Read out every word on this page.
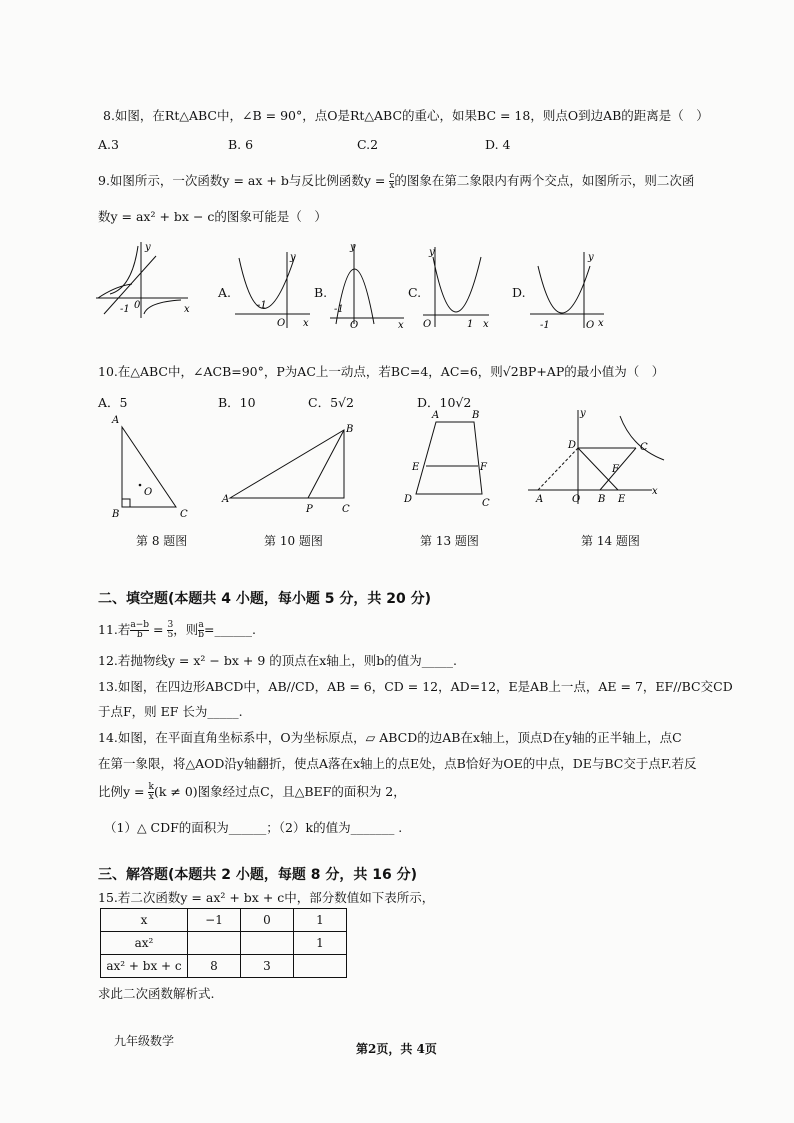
8.如图，在Rt△ABC中，∠B = 90°，点O是Rt△ABC的重心，如果BC = 18，则点O到边AB的距离是（　）
A.3	B. 6	C.2	D. 4
9.如图所示，一次函数y = ax + b与反比例函数$y = \frac{c}{x}$ 的图象在第二象限内有两个交点，如图所示，则二次函
数y = ax² + bx − c的图象可能是（　）
y
x
-1 0
A.
y
x
-1
O
B.
y
x
-1
O
C.
y
x
O	1
D.
y
x
-1	O
10.在△ABC中，∠ACB=90°，P为AC上一动点，若BC=4，AC=6，则√2BP+AP的最小值为（　）
A．5	B．10	C．5√2	D．10√2
A
B	C
O
A
B
C
P
A	B
C
D
E	F
y
x
O
A	B
C
D
E
F
第 8 题图	第 10 题图	第 13 题图	第 14 题图
二、填空题(本题共 4 小题，每小题 5 分，共 20 分)
11.若 $\frac{a-b}{b} = \frac{3}{5}$ ，则 $\frac{a}{b}$ =______.
12.若抛物线y = x² − bx + 9 的顶点在x轴上，则b的值为_____.
13.如图，在四边形ABCD中，AB//CD，AB = 6，CD = 12，AD=12，E是AB上一点，AE = 7，EF//BC交CD
于点F，则 EF 长为_____.
14.如图，在平面直角坐标系中，O为坐标原点，▱ ABCD的边AB在x轴上，顶点D在y轴的正半轴上，点C
在第一象限，将△AOD沿y轴翻折，使点A落在x轴上的点E处，点B恰好为OE的中点，DE与BC交于点F.若反
比例$y = \frac{k}{x} (k \ne 0)$图象经过点C，且△BEF的面积为 2，
（1）△ CDF的面积为______；（2）k的值为_______ .
三、解答题(本题共 2 小题，每题 8 分，共 16 分)
15.若二次函数y = ax² + bx + c中，部分数值如下表所示，
x	−1	0	1
ax²			1
ax² + bx + c	8	3	
求此二次函数解析式.
九年级数学
第2页，共 4页
